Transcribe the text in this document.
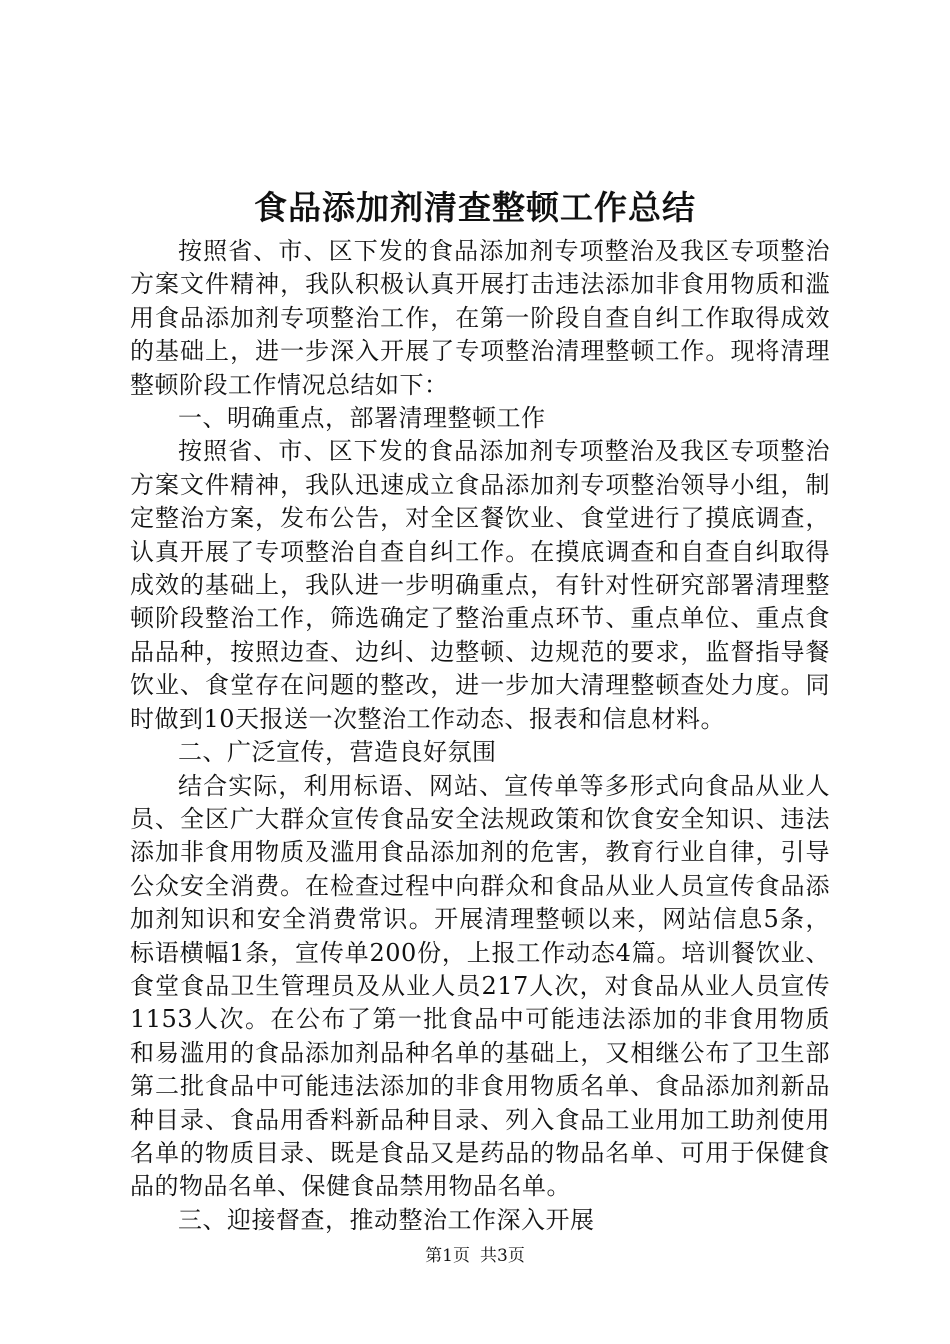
食品添加剂清查整顿工作总结

按照省、市、区下发的食品添加剂专项整治及我区专项整治方案文件精神，我队积极认真开展打击违法添加非食用物质和滥用食品添加剂专项整治工作，在第一阶段自查自纠工作取得成效的基础上，进一步深入开展了专项整治清理整顿工作。现将清理整顿阶段工作情况总结如下：

一、明确重点，部署清理整顿工作

按照省、市、区下发的食品添加剂专项整治及我区专项整治方案文件精神，我队迅速成立食品添加剂专项整治领导小组，制定整治方案，发布公告，对全区餐饮业、食堂进行了摸底调查，认真开展了专项整治自查自纠工作。在摸底调查和自查自纠取得成效的基础上，我队进一步明确重点，有针对性研究部署清理整顿阶段整治工作，筛选确定了整治重点环节、重点单位、重点食品品种，按照边查、边纠、边整顿、边规范的要求，监督指导餐饮业、食堂存在问题的整改，进一步加大清理整顿查处力度。同时做到10天报送一次整治工作动态、报表和信息材料。

二、广泛宣传，营造良好氛围

结合实际，利用标语、网站、宣传单等多形式向食品从业人员、全区广大群众宣传食品安全法规政策和饮食安全知识、违法添加非食用物质及滥用食品添加剂的危害，教育行业自律，引导公众安全消费。在检查过程中向群众和食品从业人员宣传食品添加剂知识和安全消费常识。开展清理整顿以来，网站信息5条，标语横幅1条，宣传单200份，上报工作动态4篇。培训餐饮业、食堂食品卫生管理员及从业人员217人次，对食品从业人员宣传1153人次。在公布了第一批食品中可能违法添加的非食用物质和易滥用的食品添加剂品种名单的基础上，又相继公布了卫生部第二批食品中可能违法添加的非食用物质名单、食品添加剂新品种目录、食品用香料新品种目录、列入食品工业用加工助剂使用名单的物质目录、既是食品又是药品的物品名单、可用于保健食品的物品名单、保健食品禁用物品名单。

三、迎接督查，推动整治工作深入开展

第1页 共3页
